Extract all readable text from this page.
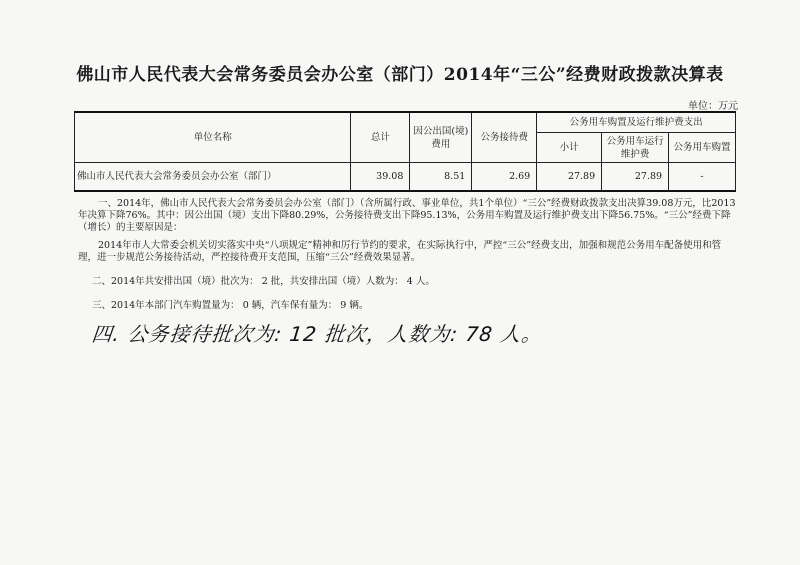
佛山市人民代表大会常务委员会办公室（部门）2014年“三公”经费财政拨款决算表
单位：万元
单位名称	总计	因公出国(境)费用	公务接待费	公务用车购置及运行维护费支出		
				小计	公务用车运行维护费	公务用车购置
佛山市人民代表大会常务委员会办公室（部门）	39.08	8.51	2.69	27.89	27.89	-
一、2014年，佛山市人民代表大会常务委员会办公室（部门）（含所属行政、事业单位，共1个单位）“三公”经费财政拨款支出决算39.08万元，比2013年决算下降76%。其中：因公出国（境）支出下降80.29%，公务接待费支出下降95.13%，公务用车购置及运行维护费支出下降56.75%。“三公”经费下降（增长）的主要原因是：
2014年市人大常委会机关切实落实中央“八项规定”精神和厉行节约的要求，在实际执行中，严控“三公”经费支出，加强和规范公务用车配备使用和管理，进一步规范公务接待活动，严控接待费开支范围，压缩“三公”经费效果显著。
二、2014年共安排出国（境）批次为： 2 批，共安排出国（境）人数为： 4 人。
三、2014年本部门汽车购置量为： 0 辆，汽车保有量为： 9 辆。
四. 公务接待批次为: 12 批次，人数为: 78 人。
